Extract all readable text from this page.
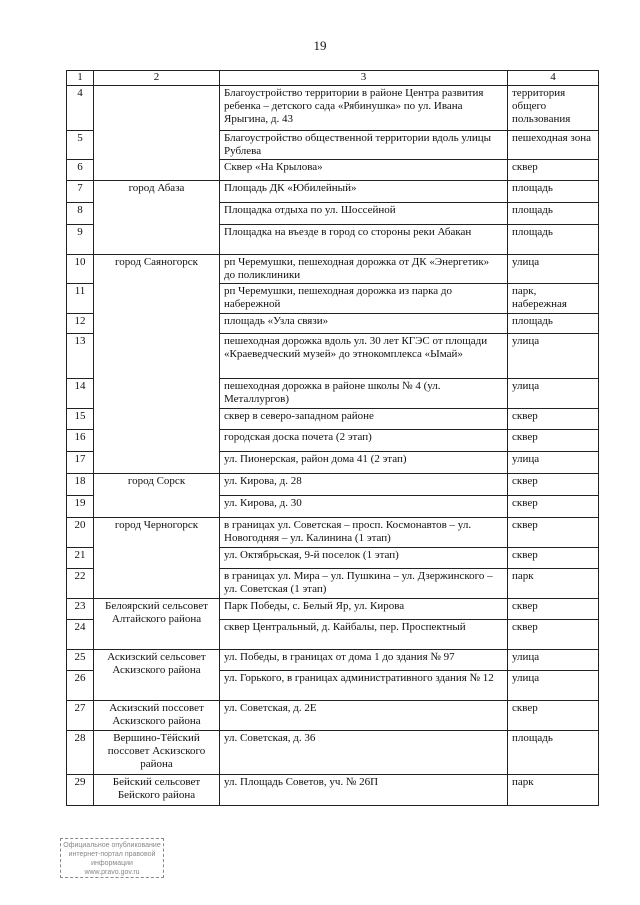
19
1	2	3	4
4		Благоустройство территории в районе Центра развития ребенка – детского сада «Рябинушка» по ул. Ивана Ярыгина, д. 43	территория общего пользования
5		Благоустройство общественной территории вдоль улицы Рублева	пешеходная зона
6		Сквер «На Крылова»	сквер
7	город Абаза	Площадь ДК «Юбилейный»	площадь
8		Площадка отдыха по ул. Шоссейной	площадь
9		Площадка на въезде в город со стороны реки Абакан	площадь
10	город Саяногорск	рп Черемушки, пешеходная дорожка от ДК «Энергетик» до поликлиники	улица
11		рп Черемушки, пешеходная дорожка из парка до набережной	парк, набережная
12		площадь «Узла связи»	площадь
13		пешеходная дорожка вдоль ул. 30 лет КГЭС от площади «Краеведческий музей» до этнокомплекса «Ымай»	улица
14		пешеходная дорожка в районе школы № 4 (ул. Металлургов)	улица
15		сквер в северо-западном районе	сквер
16		городская доска почета (2 этап)	сквер
17		ул. Пионерская, район дома 41 (2 этап)	улица
18	город Сорск	ул. Кирова, д. 28	сквер
19		ул. Кирова, д. 30	сквер
20	город Черногорск	в границах ул. Советская – просп. Космонавтов – ул. Новогодняя – ул. Калинина (1 этап)	сквер
21		ул. Октябрьская, 9-й поселок (1 этап)	сквер
22		в границах ул. Мира – ул. Пушкина – ул. Дзержинского – ул. Советская (1 этап)	парк
23	Белоярский сельсовет Алтайского района	Парк Победы, с. Белый Яр, ул. Кирова	сквер
24		сквер Центральный, д. Кайбалы, пер. Проспектный	сквер
25	Аскизский сельсовет Аскизского района	ул. Победы, в границах от дома 1 до здания № 97	улица
26		ул. Горького, в границах административного здания № 12	улица
27	Аскизский поссовет Аскизского района	ул. Советская, д. 2Е	сквер
28	Вершино-Тёйский поссовет Аскизского района	ул. Советская, д. 36	площадь
29	Бейский сельсовет Бейского района	ул. Площадь Советов, уч. № 26П	парк
Официальное опубликование
интернет-портал правовой информации
www.pravo.gov.ru
